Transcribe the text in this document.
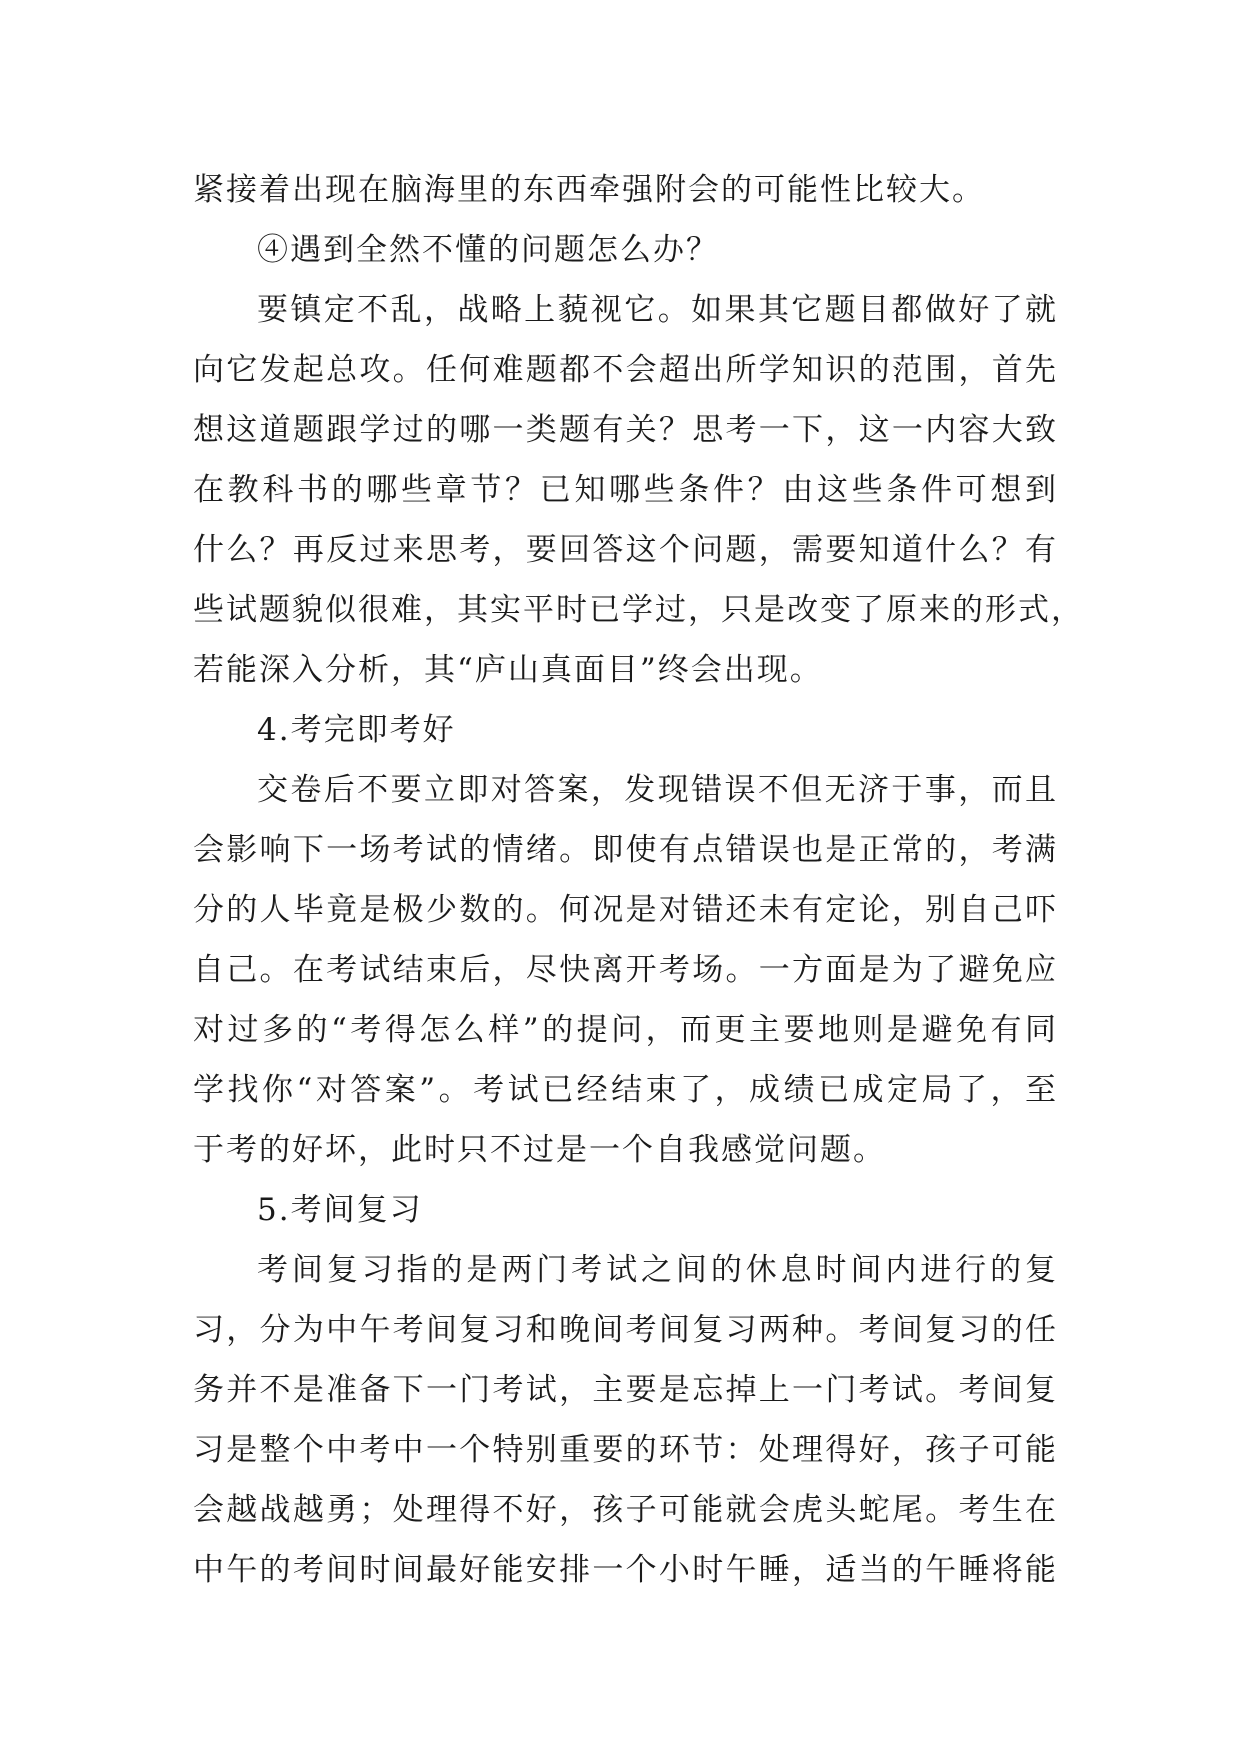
紧接着出现在脑海里的东西牵强附会的可能性比较大。
④遇到全然不懂的问题怎么办？
要镇定不乱，战略上藐视它。如果其它题目都做好了就
向它发起总攻。任何难题都不会超出所学知识的范围，首先
想这道题跟学过的哪一类题有关？思考一下，这一内容大致
在教科书的哪些章节？已知哪些条件？由这些条件可想到
什么？再反过来思考，要回答这个问题，需要知道什么？有
些试题貌似很难，其实平时已学过，只是改变了原来的形式，
若能深入分析，其“庐山真面目”终会出现。
4.考完即考好
交卷后不要立即对答案，发现错误不但无济于事，而且
会影响下一场考试的情绪。即使有点错误也是正常的，考满
分的人毕竟是极少数的。何况是对错还未有定论，别自己吓
自己。在考试结束后，尽快离开考场。一方面是为了避免应
对过多的“考得怎么样”的提问，而更主要地则是避免有同
学找你“对答案”。考试已经结束了，成绩已成定局了，至
于考的好坏，此时只不过是一个自我感觉问题。
5.考间复习
考间复习指的是两门考试之间的休息时间内进行的复
习，分为中午考间复习和晚间考间复习两种。考间复习的任
务并不是准备下一门考试，主要是忘掉上一门考试。考间复
习是整个中考中一个特别重要的环节：处理得好，孩子可能
会越战越勇；处理得不好，孩子可能就会虎头蛇尾。考生在
中午的考间时间最好能安排一个小时午睡，适当的午睡将能
